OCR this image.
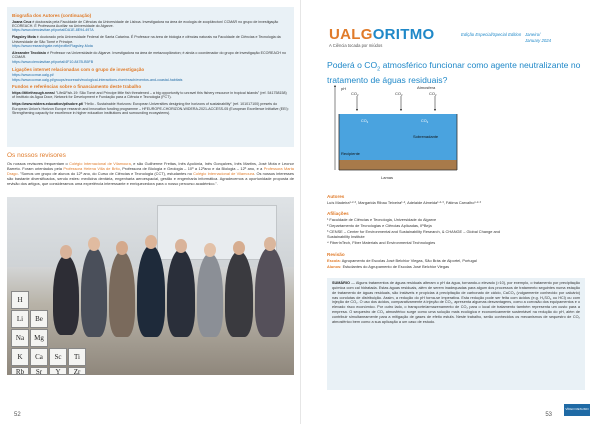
Biografia dos Autores (continuação)
Joana Cruz é doutorada pela Faculdade de Ciências da Universidade de Lisboa. Investigadora na área de ecologia de zooplâncton/ CCMAR no grupo de investigação ECOREACH. É Professora Auxiliar na Universidade do Algarve.
https://www.cienciavitae.pt/portal/DA1E-8E94-497A
Flagsley Mota é doutorado pela Universidade Federal de Santa Catarina. É Professor na área de biologia e ciências naturais na Faculdade de Ciências e Tecnologia da Universidade de São Tomé e Príncipe.
https://www.researchgate.net/profile/Flagsley-Mota
Alexandre Teodósio é Professor na Universidade do Algarve. Investigadora na área de metazooplâncton; é ainda o coordenador do grupo de investigação ECOREACH no CCMAR.
https://www.cienciavitae.pt/portal/4F10-847B-B5FB
Ligações internet relacionadas com o grupo de investigação
https://www.ccmar.ualg.pt/
https://www.ccmar.ualg.pt/groups/ecoreach/ecological-interactions-river/reach/eventos-and-coastal-habitats
Fundos e referências sobre o financiamento deste trabalho
https://titlethrough.news/ "Life&Fish-19: São Tomé and Príncipe little fish threatened – a big opportunity to unravel this fishery resource in tropical islands" (ref. 541758158) of Instituto da Água Doce, Network for Development e Fundação para a Ciência e Tecnologia (FCT).
https://www.widera.education/pt/sobre.pt/ "Hello - Sustainable Horizons: European Universities designing the horizons of sustainability" (ref. 101017100) presets do European Union's Horizon Europe research and innovation funding programme – HFEUROPE-CHORIZON-WIDERA-2021-ACCESS-05 (European Excellence Initiative (EEI): Strengthening capacity for excellence in higher education institutions and surrounding ecosystems).
Os nossos revisores
Os nossos revisores frequentam o Colégio Internacional de Vilamoura, e são Guilherme Freitas, Inês Apolónia, Inês Gonçalves, Inês Martins, José Mota e Leonor Barreto. Foram orientados pela Professora Helena Villa de Brito, Professora de Biologia e Geologia – 10º a 12ºano e da Biologia – 12º ano, e a Professora Marta Drago. "Somos um grupo de alunos do 12º ano, do Curso de Ciências e Tecnologia (CCT), estudantes no Colégio Internacional de Vilamoura. Os nossos interesses são bastante diversificados, sendo estes: medicina dentária, engenharia aeroespacial, gestão e engenharia informática. Agradecemos a oportunidade proposta de revisão dos artigos, que consideramos uma experiência interessante e enriquecedora para o nosso percurso académico.".
H
Li	Be
Na	Mg
K	Ca	Sc	Ti
Rb	Sr	Y	Zr
52
UALGORITMO
A Ciência tocada por miúdos
Edição Especial/Special Edition Janeiro/
January 2024
Poderá o $CO_2$ atmosférico funcionar como agente neutralizante no tratamento de águas residuais?
pH	Atmosfera
$CO_2$	$CO_2$	$CO_2$
$CO_2$	$CO_2$
Sobrenadante
Recipiente
Lamas
Autores
Luís Madeira¹·²·³, Margarida Ribau Teixeira¹·², Adelaide Almeida¹·²·³, Fátima Carvalho¹·²·³
Afiliações
¹ Faculdade de Ciências e Tecnologia, Universidade do Algarve
² Departamento de Tecnologias e Ciências Aplicadas, IPBeja
³ CENSE – Center for Environmental and Sustainability Research, & CHANGE – Global Change and Sustainability Institute
⁴ FiberInTech, Fiber Materials and Environmental Technologies
Revisão
Escola: Agrupamento de Escolas José Belchior Viegas, São Brás de Alportel, Portugal
Alunos: Estudantes do Agrupamento de Escolas José Belchior Viegas
SUMÁRIO — Alguns tratamentos de águas residuais alteram o pH da água, tornando-o elevado (>10), por exemplo, o tratamento por precipitação química com cal hidratada. Estas águas residuais, além de serem inadequadas para algum dos processos de tratamento seguintes numa estação de tratamento de águas residuais, são instáveis e propícias à precipitação de carbonato de cálcio, CaCO₃ (vulgarmente conhecido por calcário) nas condutas de distribuição. Assim, a redução do pH torna-se imperativa. Esta redução pode ser feita com ácidos (e.g. H₂SO₄ ou HCl) ou com injeção de CO₂. O uso dos ácidos, comparativamente à injeção de CO₂, apresenta algumas desvantagens, como a corrosão dos equipamentos e o elevado risco económico. Por outro lado, o transporte/armazenamento de CO₂ para o local de tratamento também representa um custo para a empresa. O sequestro de CO₂ atmosférico surge como uma solução mais ecológica e economicamente sustentável na redução do pH, além de contribuir simultaneamente para a mitigação de gases de efeito estufa. Neste trabalho, serão conhecidos os mecanismos de sequestro de CO₂ atmosférico bem como a sua aplicação a um caso de estudo.
VÍDEO RESUMO
53
